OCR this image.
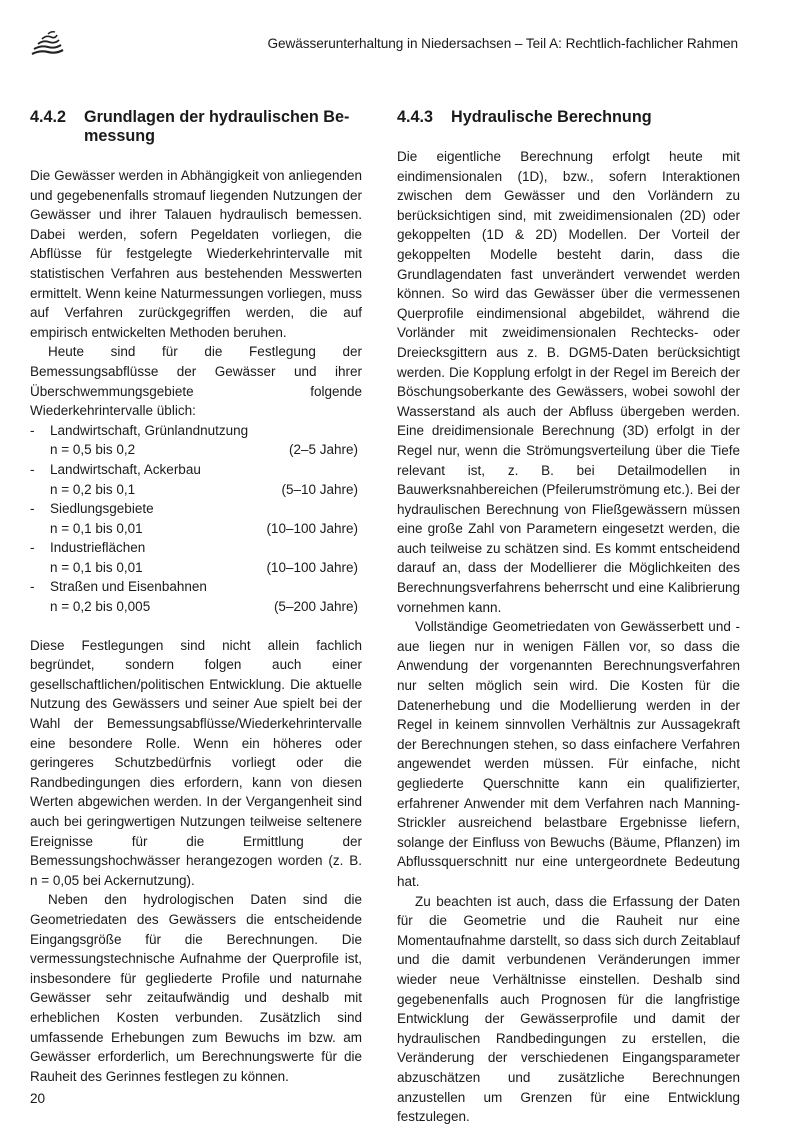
Gewässerunterhaltung in Niedersachsen – Teil A: Rechtlich-fachlicher Rahmen
4.4.2	Grundlagen der hydraulischen Be-messung

Die Gewässer werden in Abhängigkeit von anliegenden und gegebenenfalls stromauf liegenden Nutzungen der Gewässer und ihrer Talauen hydraulisch bemessen. Dabei werden, sofern Pegeldaten vorliegen, die Abflüsse für festgelegte Wiederkehrintervalle mit statistischen Verfahren aus bestehenden Messwerten ermittelt. Wenn keine Naturmessungen vorliegen, muss auf Verfahren zurückgegriffen werden, die auf empirisch entwickelten Methoden beruhen.

Heute sind für die Festlegung der Bemessungsabflüsse der Gewässer und ihrer Überschwemmungsgebiete folgende Wiederkehrintervalle üblich:

-	Landwirtschaft, Grünlandnutzung
n = 0,5 bis 0,2	(2–5 Jahre)
-	Landwirtschaft, Ackerbau
n = 0,2 bis 0,1	(5–10 Jahre)
-	Siedlungsgebiete
n = 0,1 bis 0,01	(10–100 Jahre)
-	Industrieflächen
n = 0,1 bis 0,01	(10–100 Jahre)
-	Straßen und Eisenbahnen
n = 0,2 bis 0,005	(5–200 Jahre)

Diese Festlegungen sind nicht allein fachlich begründet, sondern folgen auch einer gesellschaftlichen/politischen Entwicklung. Die aktuelle Nutzung des Gewässers und seiner Aue spielt bei der Wahl der Bemessungsabflüsse/Wiederkehrintervalle eine besondere Rolle. Wenn ein höheres oder geringeres Schutzbedürfnis vorliegt oder die Randbedingungen dies erfordern, kann von diesen Werten abgewichen werden. In der Vergangenheit sind auch bei geringwertigen Nutzungen teilweise seltenere Ereignisse für die Ermittlung der Bemessungshochwässer herangezogen worden (z. B. n = 0,05 bei Ackernutzung).

Neben den hydrologischen Daten sind die Geometriedaten des Gewässers die entscheidende Eingangsgröße für die Berechnungen. Die vermessungstechnische Aufnahme der Querprofile ist, insbesondere für gegliederte Profile und naturnahe Gewässer sehr zeitaufwändig und deshalb mit erheblichen Kosten verbunden. Zusätzlich sind umfassende Erhebungen zum Bewuchs im bzw. am Gewässer erforderlich, um Berechnungswerte für die Rauheit des Gerinnes festlegen zu können.

4.4.3	Hydraulische Berechnung

Die eigentliche Berechnung erfolgt heute mit eindimensionalen (1D), bzw., sofern Interaktionen zwischen dem Gewässer und den Vorländern zu berücksichtigen sind, mit zweidimensionalen (2D) oder gekoppelten (1D & 2D) Modellen. Der Vorteil der gekoppelten Modelle besteht darin, dass die Grundlagendaten fast unverändert verwendet werden können. So wird das Gewässer über die vermessenen Querprofile eindimensional abgebildet, während die Vorländer mit zweidimensionalen Rechtecks- oder Dreiecksgittern aus z. B. DGM5-Daten berücksichtigt werden. Die Kopplung erfolgt in der Regel im Bereich der Böschungsoberkante des Gewässers, wobei sowohl der Wasserstand als auch der Abfluss übergeben werden. Eine dreidimensionale Berechnung (3D) erfolgt in der Regel nur, wenn die Strömungsverteilung über die Tiefe relevant ist, z. B. bei Detailmodellen in Bauwerksnahbereichen (Pfeilerumströmung etc.). Bei der hydraulischen Berechnung von Fließgewässern müssen eine große Zahl von Parametern eingesetzt werden, die auch teilweise zu schätzen sind. Es kommt entscheidend darauf an, dass der Modellierer die Möglichkeiten des Berechnungsverfahrens beherrscht und eine Kalibrierung vornehmen kann.

Vollständige Geometriedaten von Gewässerbett und -aue liegen nur in wenigen Fällen vor, so dass die Anwendung der vorgenannten Berechnungsverfahren nur selten möglich sein wird. Die Kosten für die Datenerhebung und die Modellierung werden in der Regel in keinem sinnvollen Verhältnis zur Aussagekraft der Berechnungen stehen, so dass einfachere Verfahren angewendet werden müssen. Für einfache, nicht gegliederte Querschnitte kann ein qualifizierter, erfahrener Anwender mit dem Verfahren nach Manning-Strickler ausreichend belastbare Ergebnisse liefern, solange der Einfluss von Bewuchs (Bäume, Pflanzen) im Abflussquerschnitt nur eine untergeordnete Bedeutung hat.

Zu beachten ist auch, dass die Erfassung der Daten für die Geometrie und die Rauheit nur eine Momentaufnahme darstellt, so dass sich durch Zeitablauf und die damit verbundenen Veränderungen immer wieder neue Verhältnisse einstellen. Deshalb sind gegebenenfalls auch Prognosen für die langfristige Entwicklung der Gewässerprofile und damit der hydraulischen Randbedingungen zu erstellen, die Veränderung der verschiedenen Eingangsparameter abzuschätzen und zusätzliche Berechnungen anzustellen um Grenzen für eine Entwicklung festzulegen.

20
